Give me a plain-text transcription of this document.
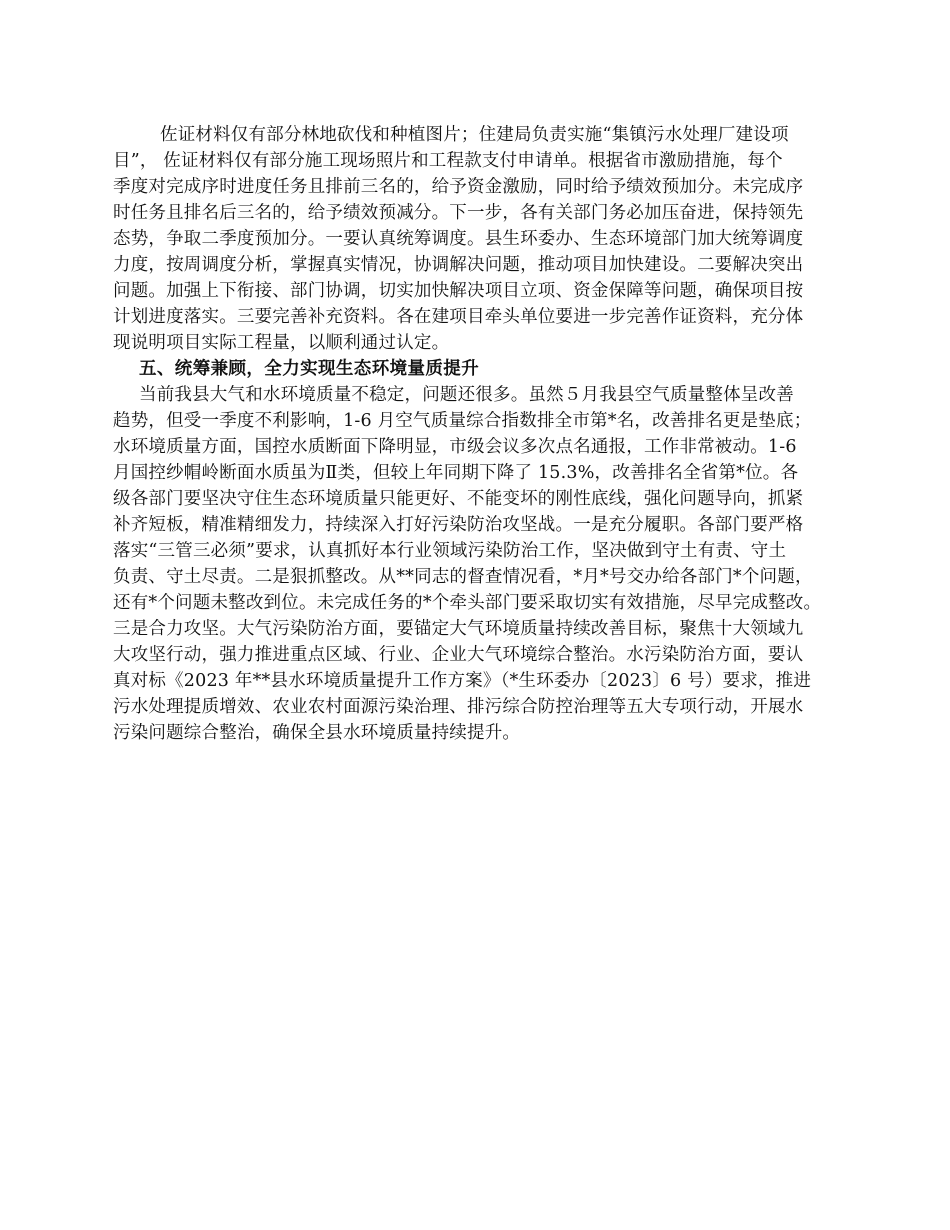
佐证材料仅有部分林地砍伐和种植图片；住建局负责实施“集镇污水处理厂建设项
目”， 佐证材料仅有部分施工现场照片和工程款支付申请单。根据省市激励措施，每个
季度对完成序时进度任务且排前三名的，给予资金激励，同时给予绩效预加分。未完成序
时任务且排名后三名的，给予绩效预减分。下一步，各有关部门务必加压奋进，保持领先
态势，争取二季度预加分。一要认真统筹调度。县生环委办、生态环境部门加大统筹调度
力度，按周调度分析，掌握真实情况，协调解决问题，推动项目加快建设。二要解决突出
问题。加强上下衔接、部门协调，切实加快解决项目立项、资金保障等问题，确保项目按
计划进度落实。三要完善补充资料。各在建项目牵头单位要进一步完善作证资料，充分体
现说明项目实际工程量，以顺利通过认定。
五、统筹兼顾，全力实现生态环境量质提升
当前我县大气和水环境质量不稳定，问题还很多。虽然５月我县空气质量整体呈改善
趋势，但受一季度不利影响，1-6 月空气质量综合指数排全市第*名，改善排名更是垫底；
水环境质量方面，国控水质断面下降明显，市级会议多次点名通报，工作非常被动。1-6
月国控纱帽岭断面水质虽为Ⅱ类，但较上年同期下降了 15.3%，改善排名全省第*位。各
级各部门要坚决守住生态环境质量只能更好、不能变坏的刚性底线，强化问题导向，抓紧
补齐短板，精准精细发力，持续深入打好污染防治攻坚战。一是充分履职。各部门要严格
落实“三管三必须”要求，认真抓好本行业领域污染防治工作，坚决做到守土有责、守土
负责、守土尽责。二是狠抓整改。从**同志的督查情况看，*月*号交办给各部门*个问题，
还有*个问题未整改到位。未完成任务的*个牵头部门要采取切实有效措施，尽早完成整改。
三是合力攻坚。大气污染防治方面，要锚定大气环境质量持续改善目标，聚焦十大领域九
大攻坚行动，强力推进重点区域、行业、企业大气环境综合整治。水污染防治方面，要认
真对标《2023 年**县水环境质量提升工作方案》（*生环委办〔2023〕6 号）要求，推进
污水处理提质增效、农业农村面源污染治理、排污综合防控治理等五大专项行动，开展水
污染问题综合整治，确保全县水环境质量持续提升。
